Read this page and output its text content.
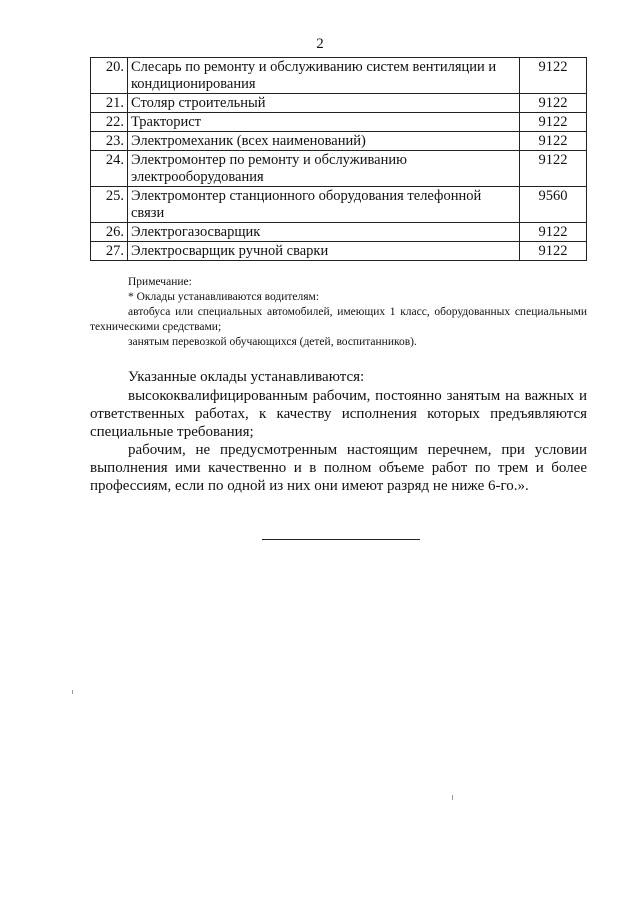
2
20.	Слесарь по ремонту и обслуживанию систем вентиляции и кондиционирования	9122
21.	Столяр строительный	9122
22.	Тракторист	9122
23.	Электромеханик (всех наименований)	9122
24.	Электромонтер по ремонту и обслуживанию электрооборудования	9122
25.	Электромонтер станционного оборудования телефонной связи	9560
26.	Электрогазосварщик	9122
27.	Электросварщик ручной сварки	9122
Примечание:
* Оклады устанавливаются водителям:
автобуса или специальных автомобилей, имеющих 1 класс, оборудованных специальными техническими средствами;
занятым перевозкой обучающихся (детей, воспитанников).
Указанные оклады устанавливаются:
высококвалифицированным рабочим, постоянно занятым на важных и ответственных работах, к качеству исполнения которых предъявляются специальные требования;
рабочим, не предусмотренным настоящим перечнем, при условии выполнения ими качественно и в полном объеме работ по трем и более профессиям, если по одной из них они имеют разряд не ниже 6-го.».
